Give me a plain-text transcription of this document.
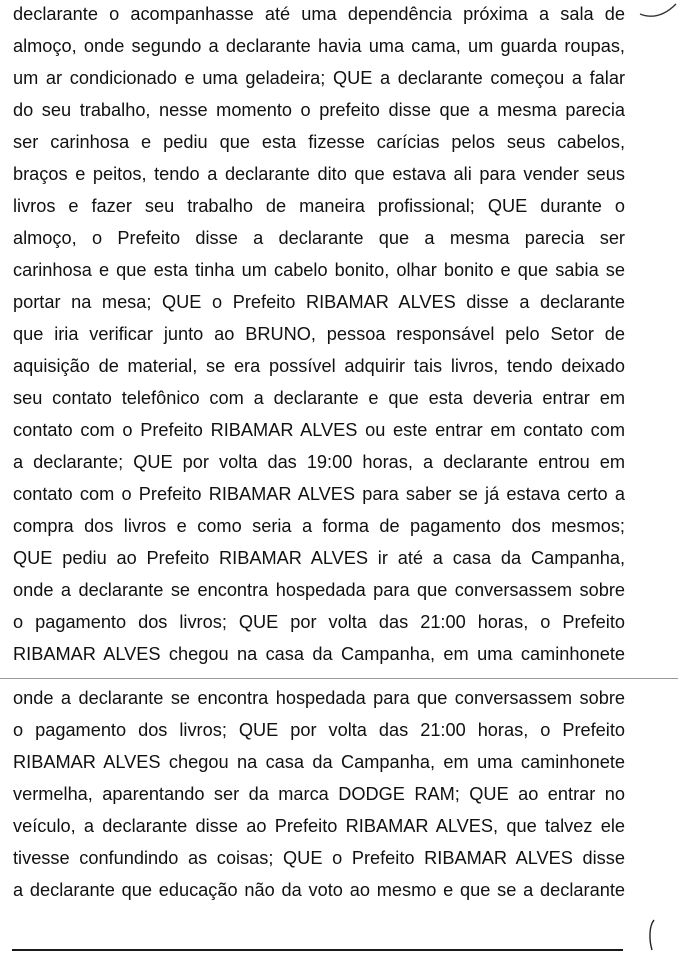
declarante o acompanhasse até uma dependência próxima a sala de
almoço, onde segundo a declarante havia uma cama, um guarda roupas,
um ar condicionado e uma geladeira; QUE a declarante começou a falar
do seu trabalho, nesse momento o prefeito disse que a mesma parecia
ser carinhosa e pediu que esta fizesse carícias pelos seus cabelos,
braços e peitos, tendo a declarante dito que estava ali para vender seus
livros e fazer seu trabalho de maneira profissional; QUE durante o
almoço, o Prefeito disse a declarante que a mesma parecia ser
carinhosa e que esta tinha um cabelo bonito, olhar bonito e que sabia se
portar na mesa; QUE o Prefeito RIBAMAR ALVES disse a declarante
que iria verificar junto ao BRUNO, pessoa responsável pelo Setor de
aquisição de material, se era possível adquirir tais livros, tendo deixado
seu contato telefônico com a declarante e que esta deveria entrar em
contato com o Prefeito RIBAMAR ALVES ou este entrar em contato com
a declarante; QUE por volta das 19:00 horas, a declarante entrou em
contato com o Prefeito RIBAMAR ALVES para saber se já estava certo a
compra dos livros e como seria a forma de pagamento dos mesmos;
QUE pediu ao Prefeito RIBAMAR ALVES ir até a casa da Campanha,
onde a declarante se encontra hospedada para que conversassem sobre
o pagamento dos livros; QUE por volta das 21:00 horas, o Prefeito
RIBAMAR ALVES chegou na casa da Campanha, em uma caminhonete
onde a declarante se encontra hospedada para que conversassem sobre
o pagamento dos livros; QUE por volta das 21:00 horas, o Prefeito
RIBAMAR ALVES chegou na casa da Campanha, em uma caminhonete
vermelha, aparentando ser da marca DODGE RAM; QUE ao entrar no
veículo, a declarante disse ao Prefeito RIBAMAR ALVES, que talvez ele
tivesse confundindo as coisas; QUE o Prefeito RIBAMAR ALVES disse
a declarante que educação não da voto ao mesmo e que se a declarante
